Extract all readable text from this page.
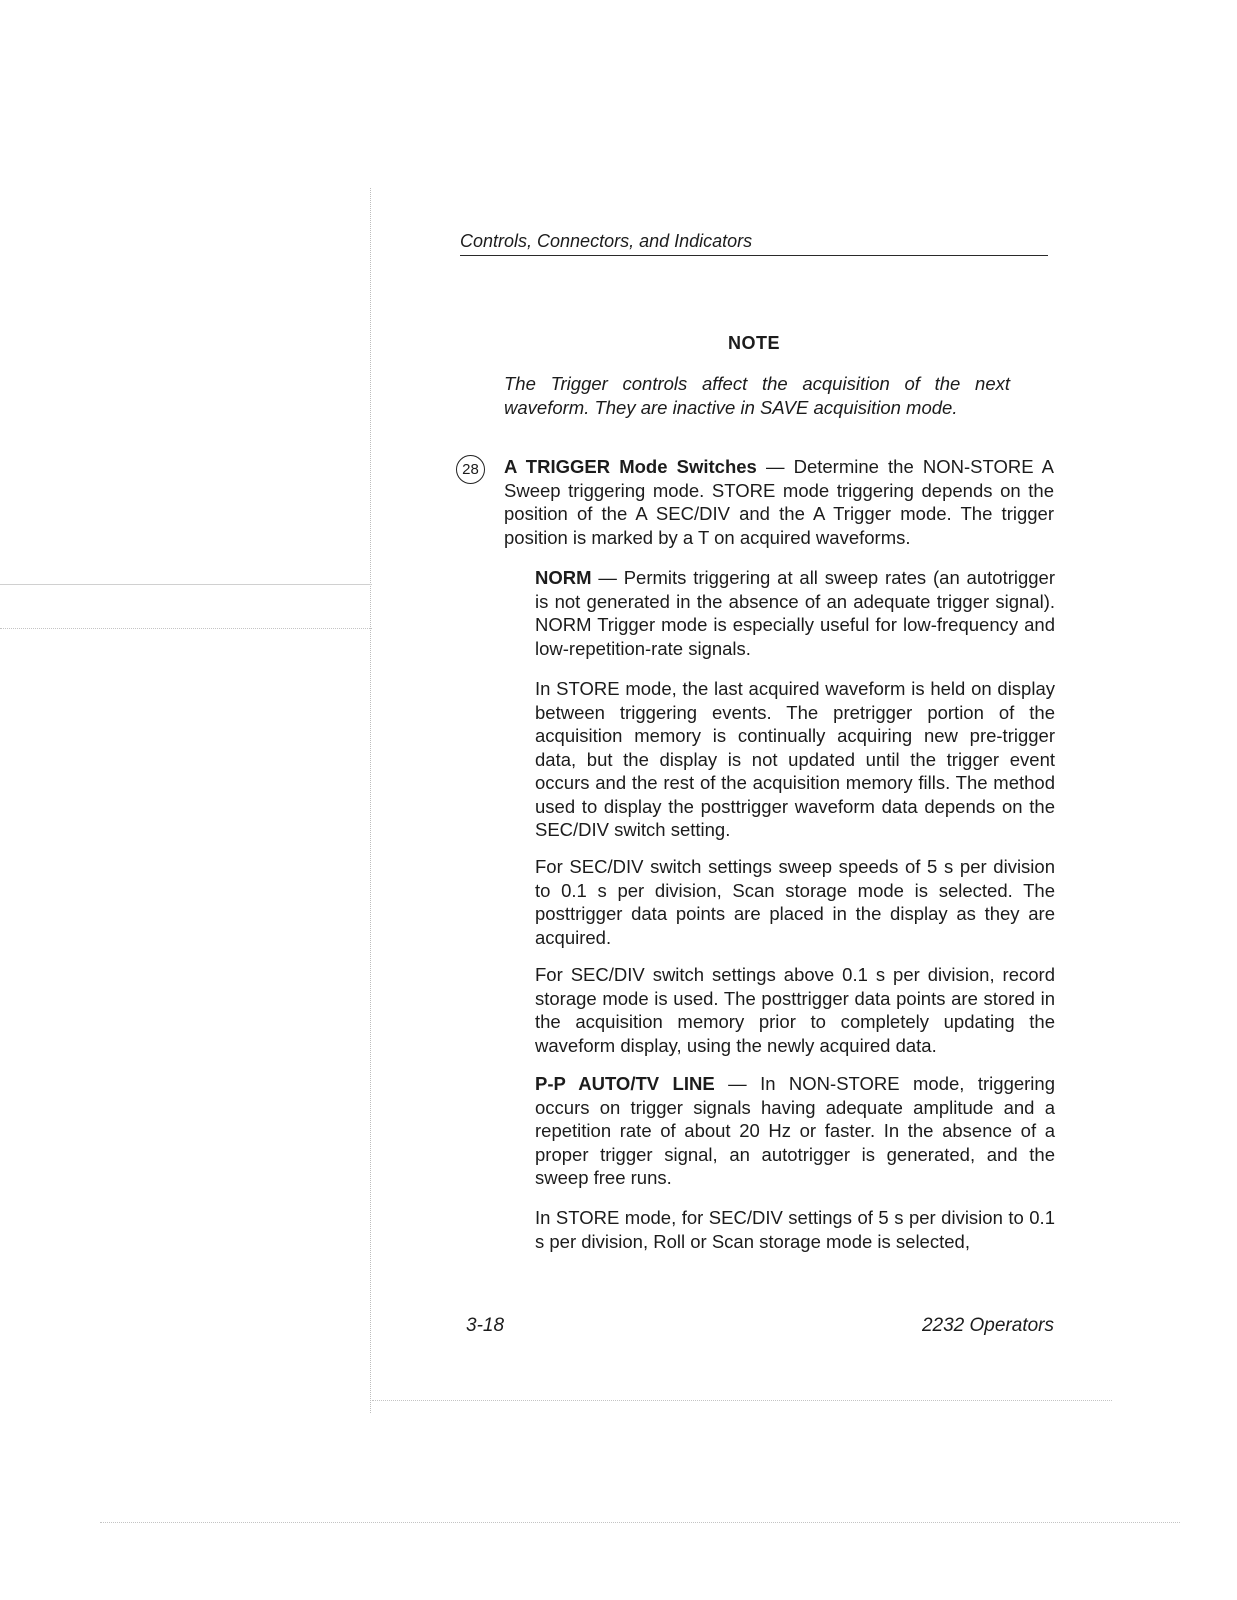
Controls, Connectors, and Indicators
NOTE
The Trigger controls affect the acquisition of the next waveform. They are inactive in SAVE acquisition mode.
28	A TRIGGER Mode Switches — Determine the NON-STORE A Sweep triggering mode. STORE mode triggering depends on the position of the A SEC/DIV and the A Trigger mode. The trigger position is marked by a T on acquired waveforms.
NORM — Permits triggering at all sweep rates (an autotrigger is not generated in the absence of an adequate trigger signal). NORM Trigger mode is especially useful for low-frequency and low-repetition-rate signals.
In STORE mode, the last acquired waveform is held on display between triggering events. The pretrigger portion of the acquisition memory is continually acquiring new pre-trigger data, but the display is not updated until the trigger event occurs and the rest of the acquisition memory fills. The method used to display the posttrigger waveform data depends on the SEC/DIV switch setting.
For SEC/DIV switch settings sweep speeds of 5 s per division to 0.1 s per division, Scan storage mode is selected. The posttrigger data points are placed in the display as they are acquired.
For SEC/DIV switch settings above 0.1 s per division, record storage mode is used. The posttrigger data points are stored in the acquisition memory prior to completely updating the waveform display, using the newly acquired data.
P-P AUTO/TV LINE — In NON-STORE mode, triggering occurs on trigger signals having adequate amplitude and a repetition rate of about 20 Hz or faster. In the absence of a proper trigger signal, an autotrigger is generated, and the sweep free runs.
In STORE mode, for SEC/DIV settings of 5 s per division to 0.1 s per division, Roll or Scan storage mode is selected,
3-18	2232 Operators
